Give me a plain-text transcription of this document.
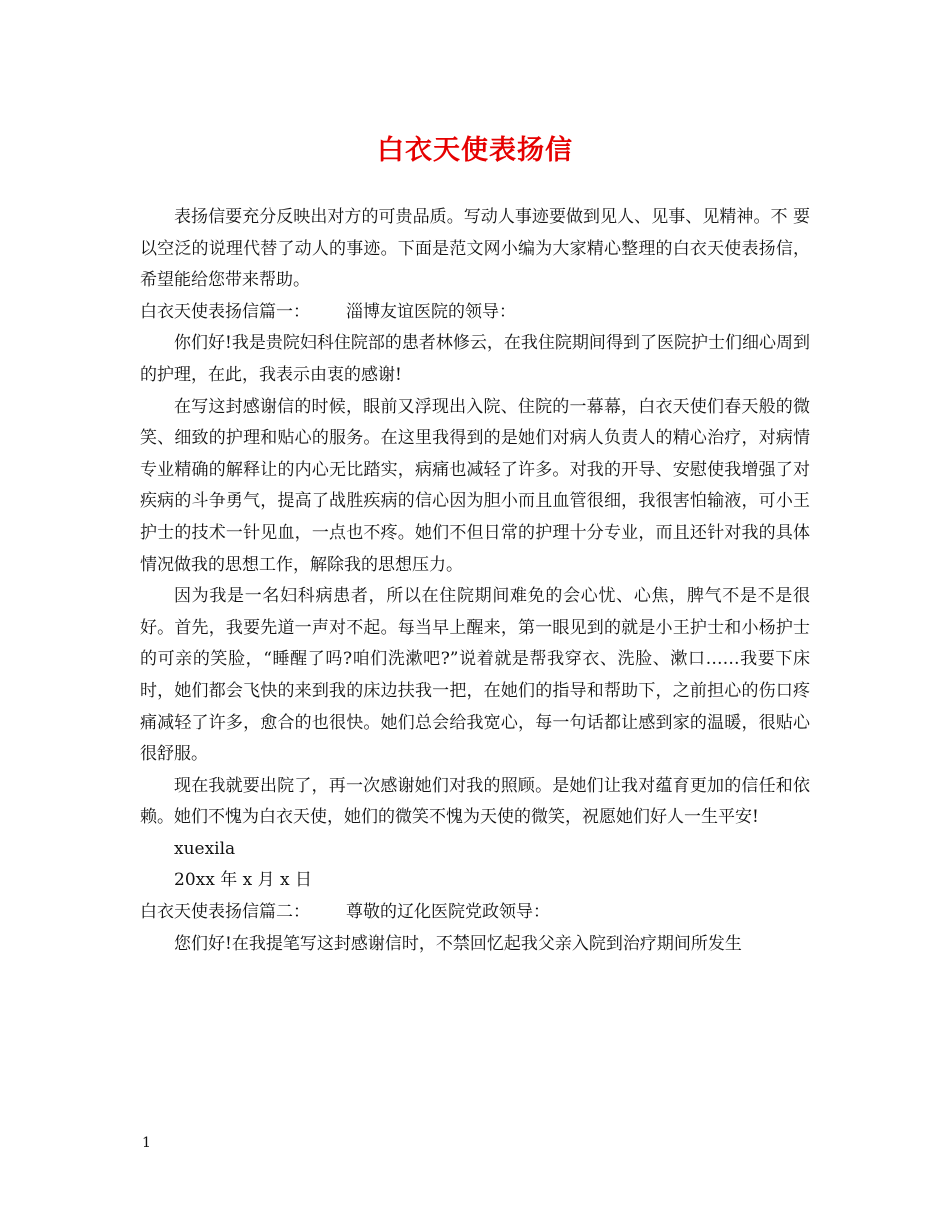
白衣天使表扬信

表扬信要充分反映出对方的可贵品质。写动人事迹要做到见人、见事、见精神。不 要以空泛的说理代替了动人的事迹。下面是范文网小编为大家精心整理的白衣天使表扬信，希望能给您带来帮助。

白衣天使表扬信篇一： 淄博友谊医院的领导：

你们好!我是贵院妇科住院部的患者林修云，在我住院期间得到了医院护士们细心周到的护理，在此，我表示由衷的感谢!

在写这封感谢信的时候，眼前又浮现出入院、住院的一幕幕，白衣天使们春天般的微笑、细致的护理和贴心的服务。在这里我得到的是她们对病人负责人的精心治疗，对病情专业精确的解释让的内心无比踏实，病痛也减轻了许多。对我的开导、安慰使我增强了对疾病的斗争勇气，提高了战胜疾病的信心因为胆小而且血管很细，我很害怕输液，可小王护士的技术一针见血，一点也不疼。她们不但日常的护理十分专业，而且还针对我的具体情况做我的思想工作，解除我的思想压力。

因为我是一名妇科病患者，所以在住院期间难免的会心忧、心焦，脾气不是不是很好。首先，我要先道一声对不起。每当早上醒来，第一眼见到的就是小王护士和小杨护士的可亲的笑脸，“睡醒了吗?咱们洗漱吧?”说着就是帮我穿衣、洗脸、漱口……我要下床时，她们都会飞快的来到我的床边扶我一把，在她们的指导和帮助下，之前担心的伤口疼痛减轻了许多，愈合的也很快。她们总会给我宽心，每一句话都让感到家的温暖，很贴心很舒服。

现在我就要出院了，再一次感谢她们对我的照顾。是她们让我对蕴育更加的信任和依赖。她们不愧为白衣天使，她们的微笑不愧为天使的微笑，祝愿她们好人一生平安!

xuexila

20xx 年 x 月 x 日

白衣天使表扬信篇二： 尊敬的辽化医院党政领导：

您们好!在我提笔写这封感谢信时，不禁回忆起我父亲入院到治疗期间所发生

1
